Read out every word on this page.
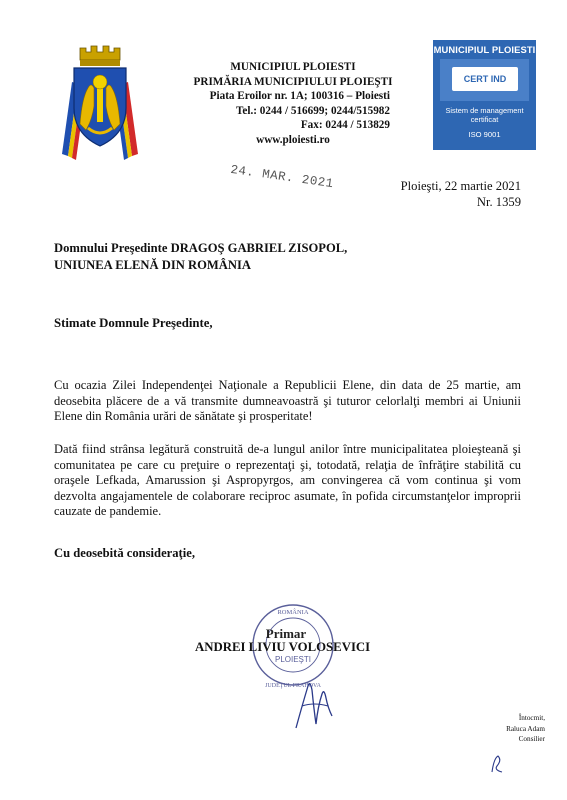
MUNICIPIUL PLOIESTI
PRIMĂRIA MUNICIPIULUI PLOIEŞTI
Piata Eroilor nr. 1A; 100316 – Ploiesti
Tel.: 0244 / 516699; 0244/515982
Fax: 0244 / 513829
www.ploiesti.ro
MUNICIPIUL PLOIESTI
CERT IND
Sistem de management
certificat
ISO 9001
24. MAR. 2021	Ploieşti, 22 martie 2021
Nr. 1359
Domnului Preşedinte DRAGOŞ GABRIEL ZISOPOL,
UNIUNEA ELENĂ DIN ROMÂNIA
Stimate Domnule Preşedinte,
Cu ocazia Zilei Independenţei Naţionale a Republicii Elene, din data de 25 martie, am deosebita plăcere de a vă transmite dumneavoastră şi tuturor celorlalţi membri ai Uniunii Elene din România urări de sănătate şi prosperitate!
Dată fiind strânsa legătură construită de-a lungul anilor între municipalitatea ploieşteană şi comunitatea pe care cu preţuire o reprezentaţi şi, totodată, relaţia de înfrăţire stabilită cu oraşele Lefkada, Amarussion şi Aspropyrgos, am convingerea că vom continua şi vom dezvolta angajamentele de colaborare reciproc asumate, în pofida circumstanţelor improprii cauzate de pandemie.
Cu deosebită consideraţie,
ROMÂNIA
JUDEŢUL PRAHOVA
Primar
PLOIEŞTI
ANDREI LIVIU VOLOSEVICI
Întocmit,
Raluca Adam
Consilier
